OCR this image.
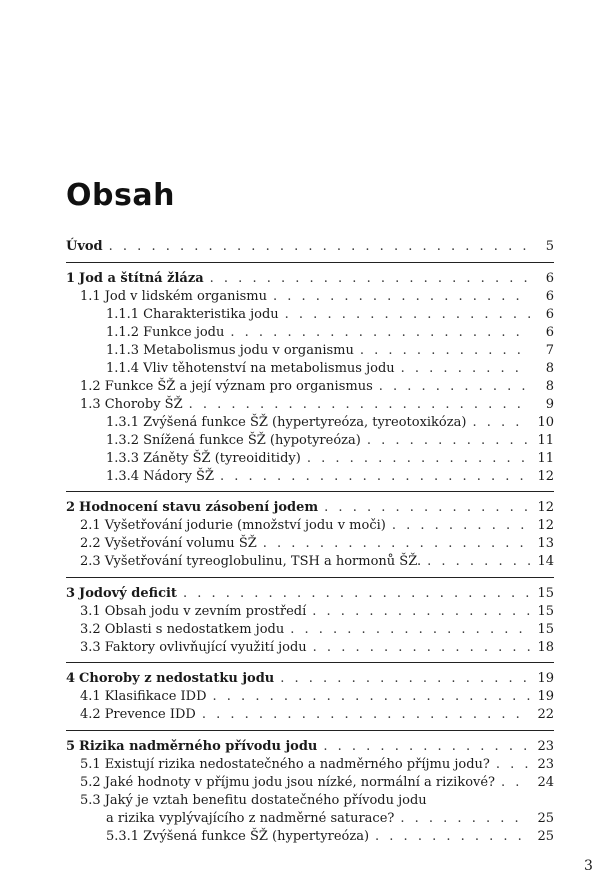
Obsah
Úvod . . .	5
1 Jod a štítná žláza . . .	6
1.1 Jod v lidském organismu . . .	6
1.1.1 Charakteristika jodu . . .	6
1.1.2 Funkce jodu . . .	6
1.1.3 Metabolismus jodu v organismu . . .	7
1.1.4 Vliv těhotenství na metabolismus jodu . . .	8
1.2 Funkce ŠŽ a její význam pro organismus . . .	8
1.3 Choroby ŠŽ . . .	9
1.3.1 Zvýšená funkce ŠŽ (hypertyreóza, tyreotoxikóza) . . .	10
1.3.2 Snížená funkce ŠŽ (hypotyreóza) . . .	11
1.3.3 Záněty ŠŽ (tyreoiditidy) . . .	11
1.3.4 Nádory ŠŽ . . .	12
2 Hodnocení stavu zásobení jodem . . .	12
2.1 Vyšetřování jodurie (množství jodu v moči) . . .	12
2.2 Vyšetřování volumu ŠŽ . . .	13
2.3 Vyšetřování tyreoglobulinu, TSH a hormonů ŠŽ. . . .	14
3 Jodový deficit . . .	15
3.1 Obsah jodu v zevním prostředí . . .	15
3.2 Oblasti s nedostatkem jodu . . .	15
3.3 Faktory ovlivňující využití jodu . . .	18
4 Choroby z nedostatku jodu . . .	19
4.1 Klasifikace IDD . . .	19
4.2 Prevence IDD . . .	22
5 Rizika nadměrného přívodu jodu . . .	23
5.1 Existují rizika nedostatečného a nadměrného příjmu jodu? . . .	23
5.2 Jaké hodnoty v příjmu jodu jsou nízké, normální a rizikové? . . .	24
5.3 Jaký je vztah benefitu dostatečného přívodu jodu
a rizika vyplývajícího z nadměrné saturace? . . .	25
5.3.1 Zvýšená funkce ŠŽ (hypertyreóza) . . .	25
3
